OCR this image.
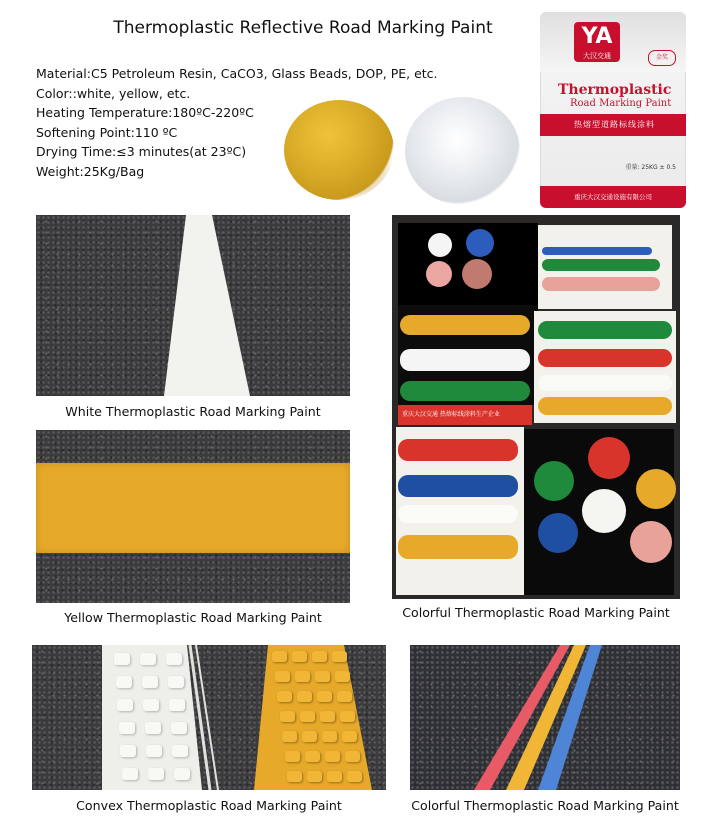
Thermoplastic Reflective Road Marking Paint
Material:C5 Petroleum Resin, CaCO3, Glass Beads, DOP, PE, etc.
Color::white, yellow, etc.
Heating Temperature:180ºC-220ºC
Softening Point:110 ºC
Drying Time:≤3 minutes(at 23ºC)
Weight:25Kg/Bag
YA
大汉交通	金奖
Thermoplastic
Road Marking Paint
热熔型道路标线涂料
重量: 25KG ± 0.5
重庆大汉交通设施有限公司
White Thermoplastic Road Marking Paint
Yellow Thermoplastic Road Marking Paint
重庆大汉交通 热熔标线涂料生产企业
Colorful Thermoplastic Road Marking Paint
Convex Thermoplastic Road Marking Paint	Colorful Thermoplastic Road Marking Paint
